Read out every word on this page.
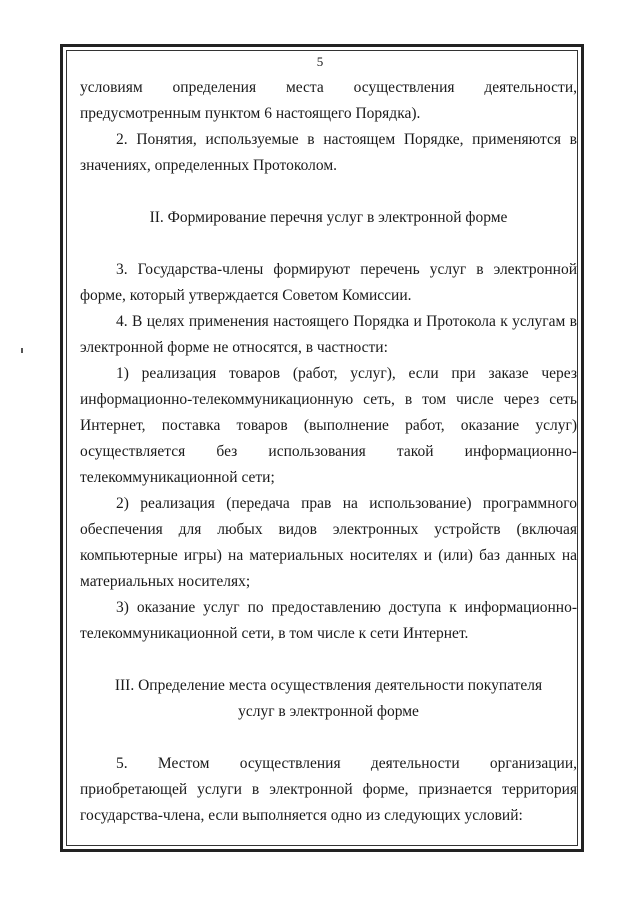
5

условиям определения места осуществления деятельности, предусмотренным пунктом 6 настоящего Порядка).

2. Понятия, используемые в настоящем Порядке, применяются в значениях, определенных Протоколом.

II. Формирование перечня услуг в электронной форме

3. Государства-члены формируют перечень услуг в электронной форме, который утверждается Советом Комиссии.

4. В целях применения настоящего Порядка и Протокола к услугам в электронной форме не относятся, в частности:

1) реализация товаров (работ, услуг), если при заказе через информационно-телекоммуникационную сеть, в том числе через сеть Интернет, поставка товаров (выполнение работ, оказание услуг) осуществляется без использования такой информационно-телекоммуникационной сети;

2) реализация (передача прав на использование) программного обеспечения для любых видов электронных устройств (включая компьютерные игры) на материальных носителях и (или) баз данных на материальных носителях;

3) оказание услуг по предоставлению доступа к информационно-телекоммуникационной сети, в том числе к сети Интернет.

III. Определение места осуществления деятельности покупателя

услуг в электронной форме

5. Местом осуществления деятельности организации, приобретающей услуги в электронной форме, признается территория государства-члена, если выполняется одно из следующих условий:
